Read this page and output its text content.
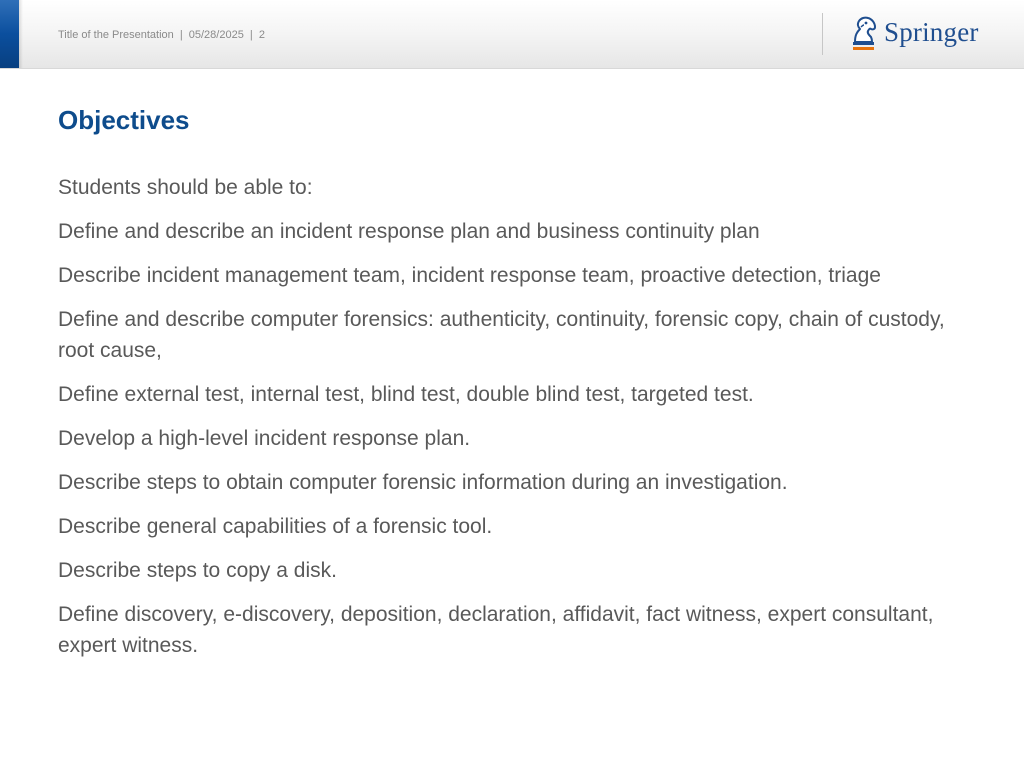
Title of the Presentation | 05/28/2025 | 2	Springer
Objectives

Students should be able to:

Define and describe an incident response plan and business continuity plan

Describe incident management team, incident response team, proactive detection, triage

Define and describe computer forensics: authenticity, continuity, forensic copy, chain of custody, root cause,

Define external test, internal test, blind test, double blind test, targeted test.

Develop a high-level incident response plan.

Describe steps to obtain computer forensic information during an investigation.

Describe general capabilities of a forensic tool.

Describe steps to copy a disk.

Define discovery, e-discovery, deposition, declaration, affidavit, fact witness, expert consultant, expert witness.
